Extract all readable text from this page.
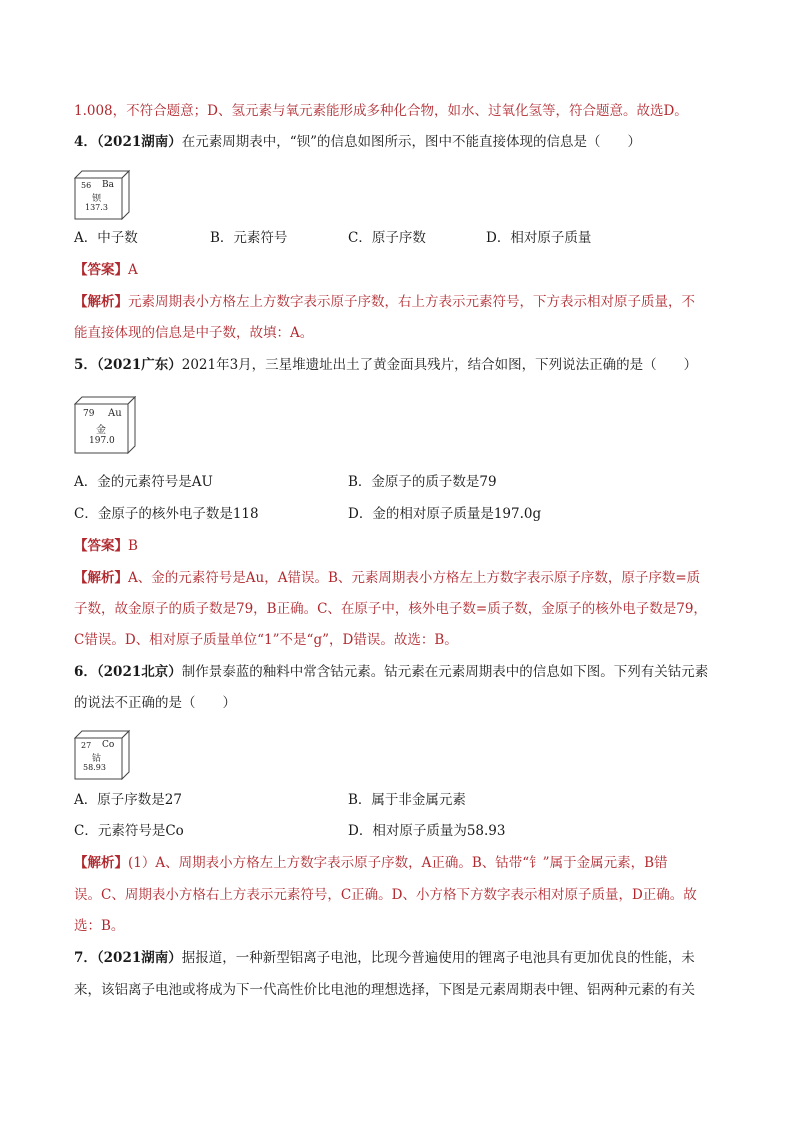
1.008，不符合题意；D、氢元素与氧元素能形成多种化合物，如水、过氧化氢等，符合题意。故选D。
4．（2021湖南）在元素周期表中，“钡”的信息如图所示，图中不能直接体现的信息是（　　）
56 Ba
钡
137.3
A．中子数	B．元素符号	C．原子序数	D．相对原子质量
【答案】A
【解析】元素周期表小方格左上方数字表示原子序数，右上方表示元素符号，下方表示相对原子质量，不
能直接体现的信息是中子数，故填：A。
5．（2021广东）2021年3月，三星堆遗址出土了黄金面具残片，结合如图，下列说法正确的是（　　）
79 Au
金
197.0
A．金的元素符号是AU	B．金原子的质子数是79
C．金原子的核外电子数是118	D．金的相对原子质量是197.0g
【答案】B
【解析】A、金的元素符号是Au，A错误。B、元素周期表小方格左上方数字表示原子序数，原子序数=质
子数，故金原子的质子数是79，B正确。C、在原子中，核外电子数=质子数，金原子的核外电子数是79，
C错误。D、相对原子质量单位“1”不是“g”，D错误。故选：B。
6．（2021北京）制作景泰蓝的釉料中常含钴元素。钴元素在元素周期表中的信息如下图。下列有关钴元素
的说法不正确的是（　　）
27 Co
钴
58.93
A．原子序数是27	B．属于非金属元素
C．元素符号是Co	D．相对原子质量为58.93
【解析】(1）A、周期表小方格左上方数字表示原子序数，A正确。B、钴带“钅”属于金属元素，B错
误。C、周期表小方格右上方表示元素符号，C正确。D、小方格下方数字表示相对原子质量，D正确。故
选：B。
7．（2021湖南）据报道，一种新型铝离子电池，比现今普遍使用的锂离子电池具有更加优良的性能，未
来，该铝离子电池或将成为下一代高性价比电池的理想选择，下图是元素周期表中锂、铝两种元素的有关
